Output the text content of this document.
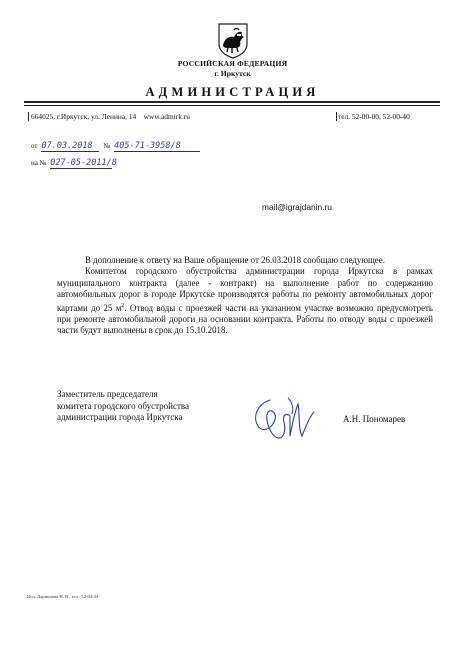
РОССИЙСКАЯ ФЕДЕРАЦИЯ
г. Иркутск
АДМИНИСТРАЦИЯ
664025, г.Иркутск, ул. Ленина, 14 www.admirk.ru	тел. 52-00-00, 52-00-40
от 07.03.2018 № 405-71-3958/8
на № 027-05-2011/8
mail@igrajdanin.ru

В дополнение к ответу на Ваше обращение от 26.03.2018 сообщаю следующее.

Комитетом городского обустройства администрации города Иркутска в рамках муниципального контракта (далее - контракт) на выполнение работ по содержанию автомобильных дорог в городе Иркутске производятся работы по ремонту автомобильных дорог картами до 25 $м^2$. Отвод воды с проезжей части на указанном участке возможно предусмотреть при ремонте автомобильной дороги на основании контракта. Работы по отводу воды с проезжей части будут выполнены в срок до 15.10.2018.

Заместитель председателя
комитета городского обустройства
администрации города Иркутска	А.Н. Пономарев
Исп. Ларионова Н. В., тел.: 52-04-44
